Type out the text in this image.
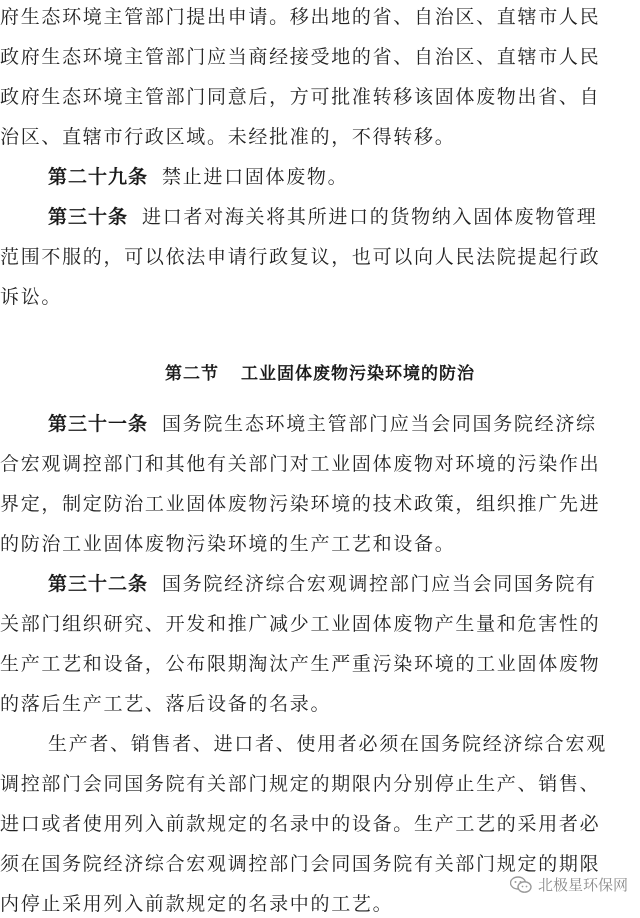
府生态环境主管部门提出申请。移出地的省、自治区、直辖市人民
政府生态环境主管部门应当商经接受地的省、自治区、直辖市人民
政府生态环境主管部门同意后，方可批准转移该固体废物出省、自
治区、直辖市行政区域。未经批准的，不得转移。
第二十九条 禁止进口固体废物。
第三十条 进口者对海关将其所进口的货物纳入固体废物管理
范围不服的，可以依法申请行政复议，也可以向人民法院提起行政
诉讼。
第二节 工业固体废物污染环境的防治
第三十一条 国务院生态环境主管部门应当会同国务院经济综
合宏观调控部门和其他有关部门对工业固体废物对环境的污染作出
界定，制定防治工业固体废物污染环境的技术政策，组织推广先进
的防治工业固体废物污染环境的生产工艺和设备。
第三十二条 国务院经济综合宏观调控部门应当会同国务院有
关部门组织研究、开发和推广减少工业固体废物产生量和危害性的
生产工艺和设备，公布限期淘汰产生严重污染环境的工业固体废物
的落后生产工艺、落后设备的名录。
生产者、销售者、进口者、使用者必须在国务院经济综合宏观
调控部门会同国务院有关部门规定的期限内分别停止生产、销售、
进口或者使用列入前款规定的名录中的设备。生产工艺的采用者必
须在国务院经济综合宏观调控部门会同国务院有关部门规定的期限
内停止采用列入前款规定的名录中的工艺。
北极星环保网
